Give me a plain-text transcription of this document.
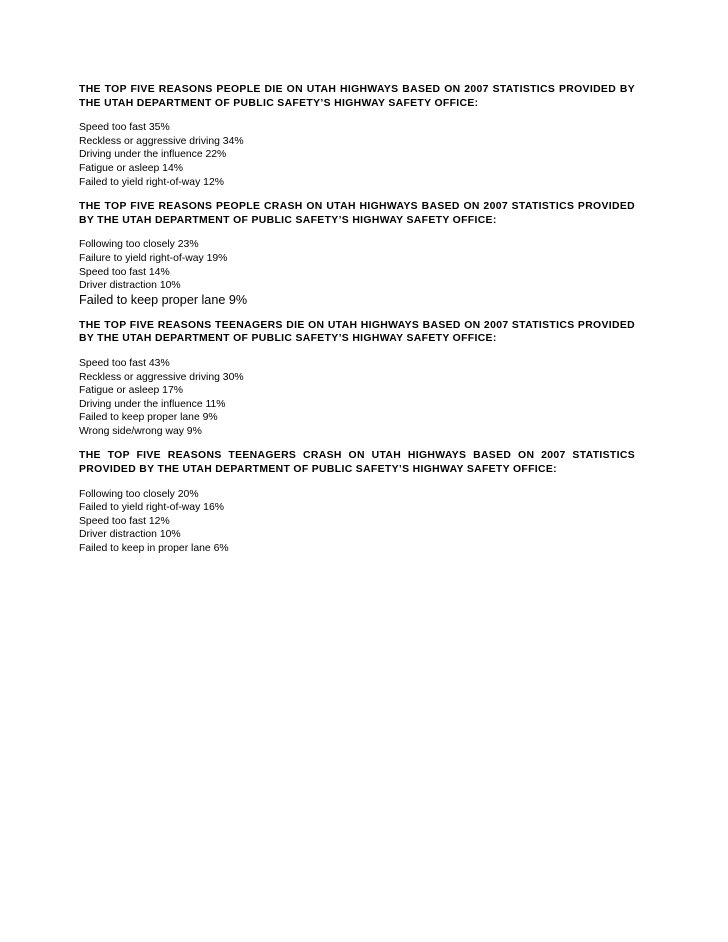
THE TOP FIVE REASONS PEOPLE DIE ON UTAH HIGHWAYS BASED ON 2007 STATISTICS PROVIDED BY THE UTAH DEPARTMENT OF PUBLIC SAFETY’S HIGHWAY SAFETY OFFICE:
Speed too fast 35%
Reckless or aggressive driving 34%
Driving under the influence 22%
Fatigue or asleep 14%
Failed to yield right-of-way 12%
THE TOP FIVE REASONS PEOPLE CRASH ON UTAH HIGHWAYS BASED ON 2007 STATISTICS PROVIDED BY THE UTAH DEPARTMENT OF PUBLIC SAFETY’S HIGHWAY SAFETY OFFICE:
Following too closely 23%
Failure to yield right-of-way 19%
Speed too fast 14%
Driver distraction 10%
Failed to keep proper lane 9%
THE TOP FIVE REASONS TEENAGERS DIE ON UTAH HIGHWAYS BASED ON 2007 STATISTICS PROVIDED BY THE UTAH DEPARTMENT OF PUBLIC SAFETY’S HIGHWAY SAFETY OFFICE:
Speed too fast 43%
Reckless or aggressive driving 30%
Fatigue or asleep 17%
Driving under the influence 11%
Failed to keep proper lane 9%
Wrong side/wrong way 9%
THE TOP FIVE REASONS TEENAGERS CRASH ON UTAH HIGHWAYS BASED ON 2007 STATISTICS PROVIDED BY THE UTAH DEPARTMENT OF PUBLIC SAFETY’S HIGHWAY SAFETY OFFICE:
Following too closely 20%
Failed to yield right-of-way 16%
Speed too fast 12%
Driver distraction 10%
Failed to keep in proper lane 6%
